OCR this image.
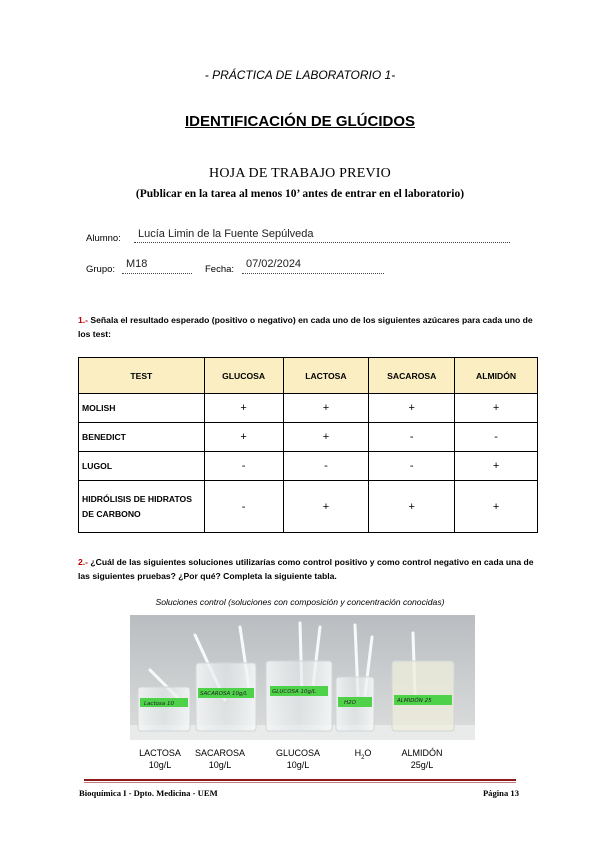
- PRÁCTICA DE LABORATORIO 1-
IDENTIFICACIÓN DE GLÚCIDOS
HOJA DE TRABAJO PREVIO
(Publicar en la tarea al menos 10’ antes de entrar en el laboratorio)
Alumno: Lucía Limin de la Fuente Sepúlveda
Grupo: M18	Fecha: 07/02/2024
1.- Señala el resultado esperado (positivo o negativo) en cada uno de los siguientes azúcares para cada uno de los test:
TEST	GLUCOSA	LACTOSA	SACAROSA	ALMIDÓN
MOLISH	+	+	+	+
BENEDICT	+	+	-	-
LUGOL	-	-	-	+
HIDRÓLISIS DE HIDRATOS DE CARBONO	-	+	+	+
2.- ¿Cuál de las siguientes soluciones utilizarías como control positivo y como control negativo en cada una de las siguientes pruebas? ¿Por qué? Completa la siguiente tabla.
Soluciones control (soluciones con composición y concentración conocidas)
Lactosa 10
SACAROSA 10g/L	GLUCOSA 10g/L
H2O	ALMIDÓN 25
LACTOSA
10g/L
SACAROSA
10g/L
GLUCOSA
10g/L
$H_2O$	ALMIDÓN
25g/L
Bioquímica I - Dpto. Medicina - UEM	Página 13
